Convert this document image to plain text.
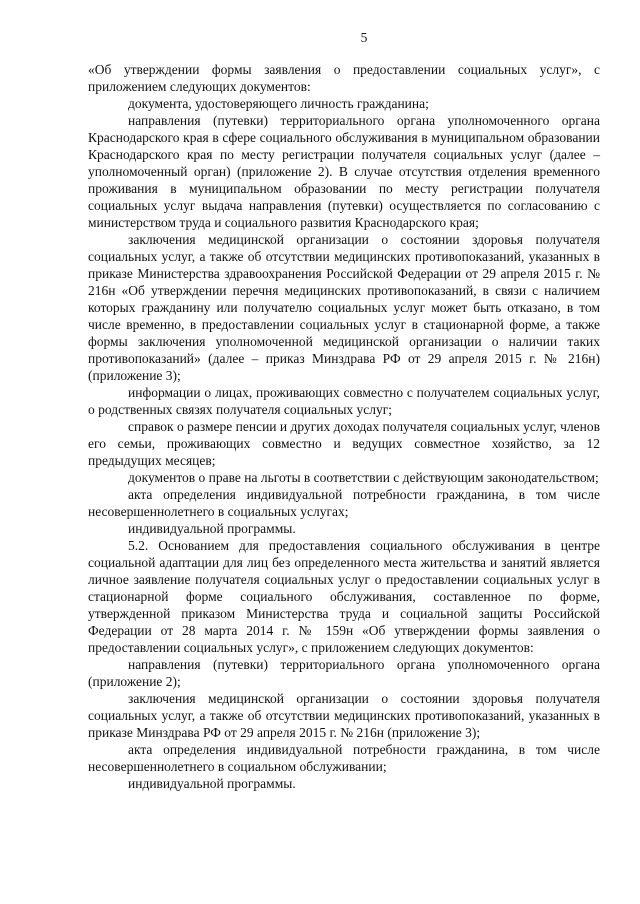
5

«Об утверждении формы заявления о предоставлении социальных услуг», с приложением следующих документов:

документа, удостоверяющего личность гражданина;

направления (путевки) территориального органа уполномоченного органа Краснодарского края в сфере социального обслуживания в муниципальном образовании Краснодарского края по месту регистрации получателя социальных услуг (далее – уполномоченный орган) (приложение 2). В случае отсутствия отделения временного проживания в муниципальном образовании по месту регистрации получателя социальных услуг выдача направления (путевки) осуществляется по согласованию с министерством труда и социального развития Краснодарского края;

заключения медицинской организации о состоянии здоровья получателя социальных услуг, а также об отсутствии медицинских противопоказаний, указанных в приказе Министерства здравоохранения Российской Федерации от 29 апреля 2015 г. № 216н «Об утверждении перечня медицинских противопоказаний, в связи с наличием которых гражданину или получателю социальных услуг может быть отказано, в том числе временно, в предоставлении социальных услуг в стационарной форме, а также формы заключения уполномоченной медицинской организации о наличии таких противопоказаний» (далее – приказ Минздрава РФ от 29 апреля 2015 г. № 216н) (приложение 3);

информации о лицах, проживающих совместно с получателем социальных услуг, о родственных связях получателя социальных услуг;

справок о размере пенсии и других доходах получателя социальных услуг, членов его семьи, проживающих совместно и ведущих совместное хозяйство, за 12 предыдущих месяцев;

документов о праве на льготы в соответствии с действующим законодательством;

акта определения индивидуальной потребности гражданина, в том числе несовершеннолетнего в социальных услугах;

индивидуальной программы.

5.2. Основанием для предоставления социального обслуживания в центре социальной адаптации для лиц без определенного места жительства и занятий является личное заявление получателя социальных услуг о предоставлении социальных услуг в стационарной форме социального обслуживания, составленное по форме, утвержденной приказом Министерства труда и социальной защиты Российской Федерации от 28 марта 2014 г. № 159н «Об утверждении формы заявления о предоставлении социальных услуг», с приложением следующих документов:

направления (путевки) территориального органа уполномоченного органа (приложение 2);

заключения медицинской организации о состоянии здоровья получателя социальных услуг, а также об отсутствии медицинских противопоказаний, указанных в приказе Минздрава РФ от 29 апреля 2015 г. № 216н (приложение 3);

акта определения индивидуальной потребности гражданина, в том числе несовершеннолетнего в социальном обслуживании;

индивидуальной программы.
